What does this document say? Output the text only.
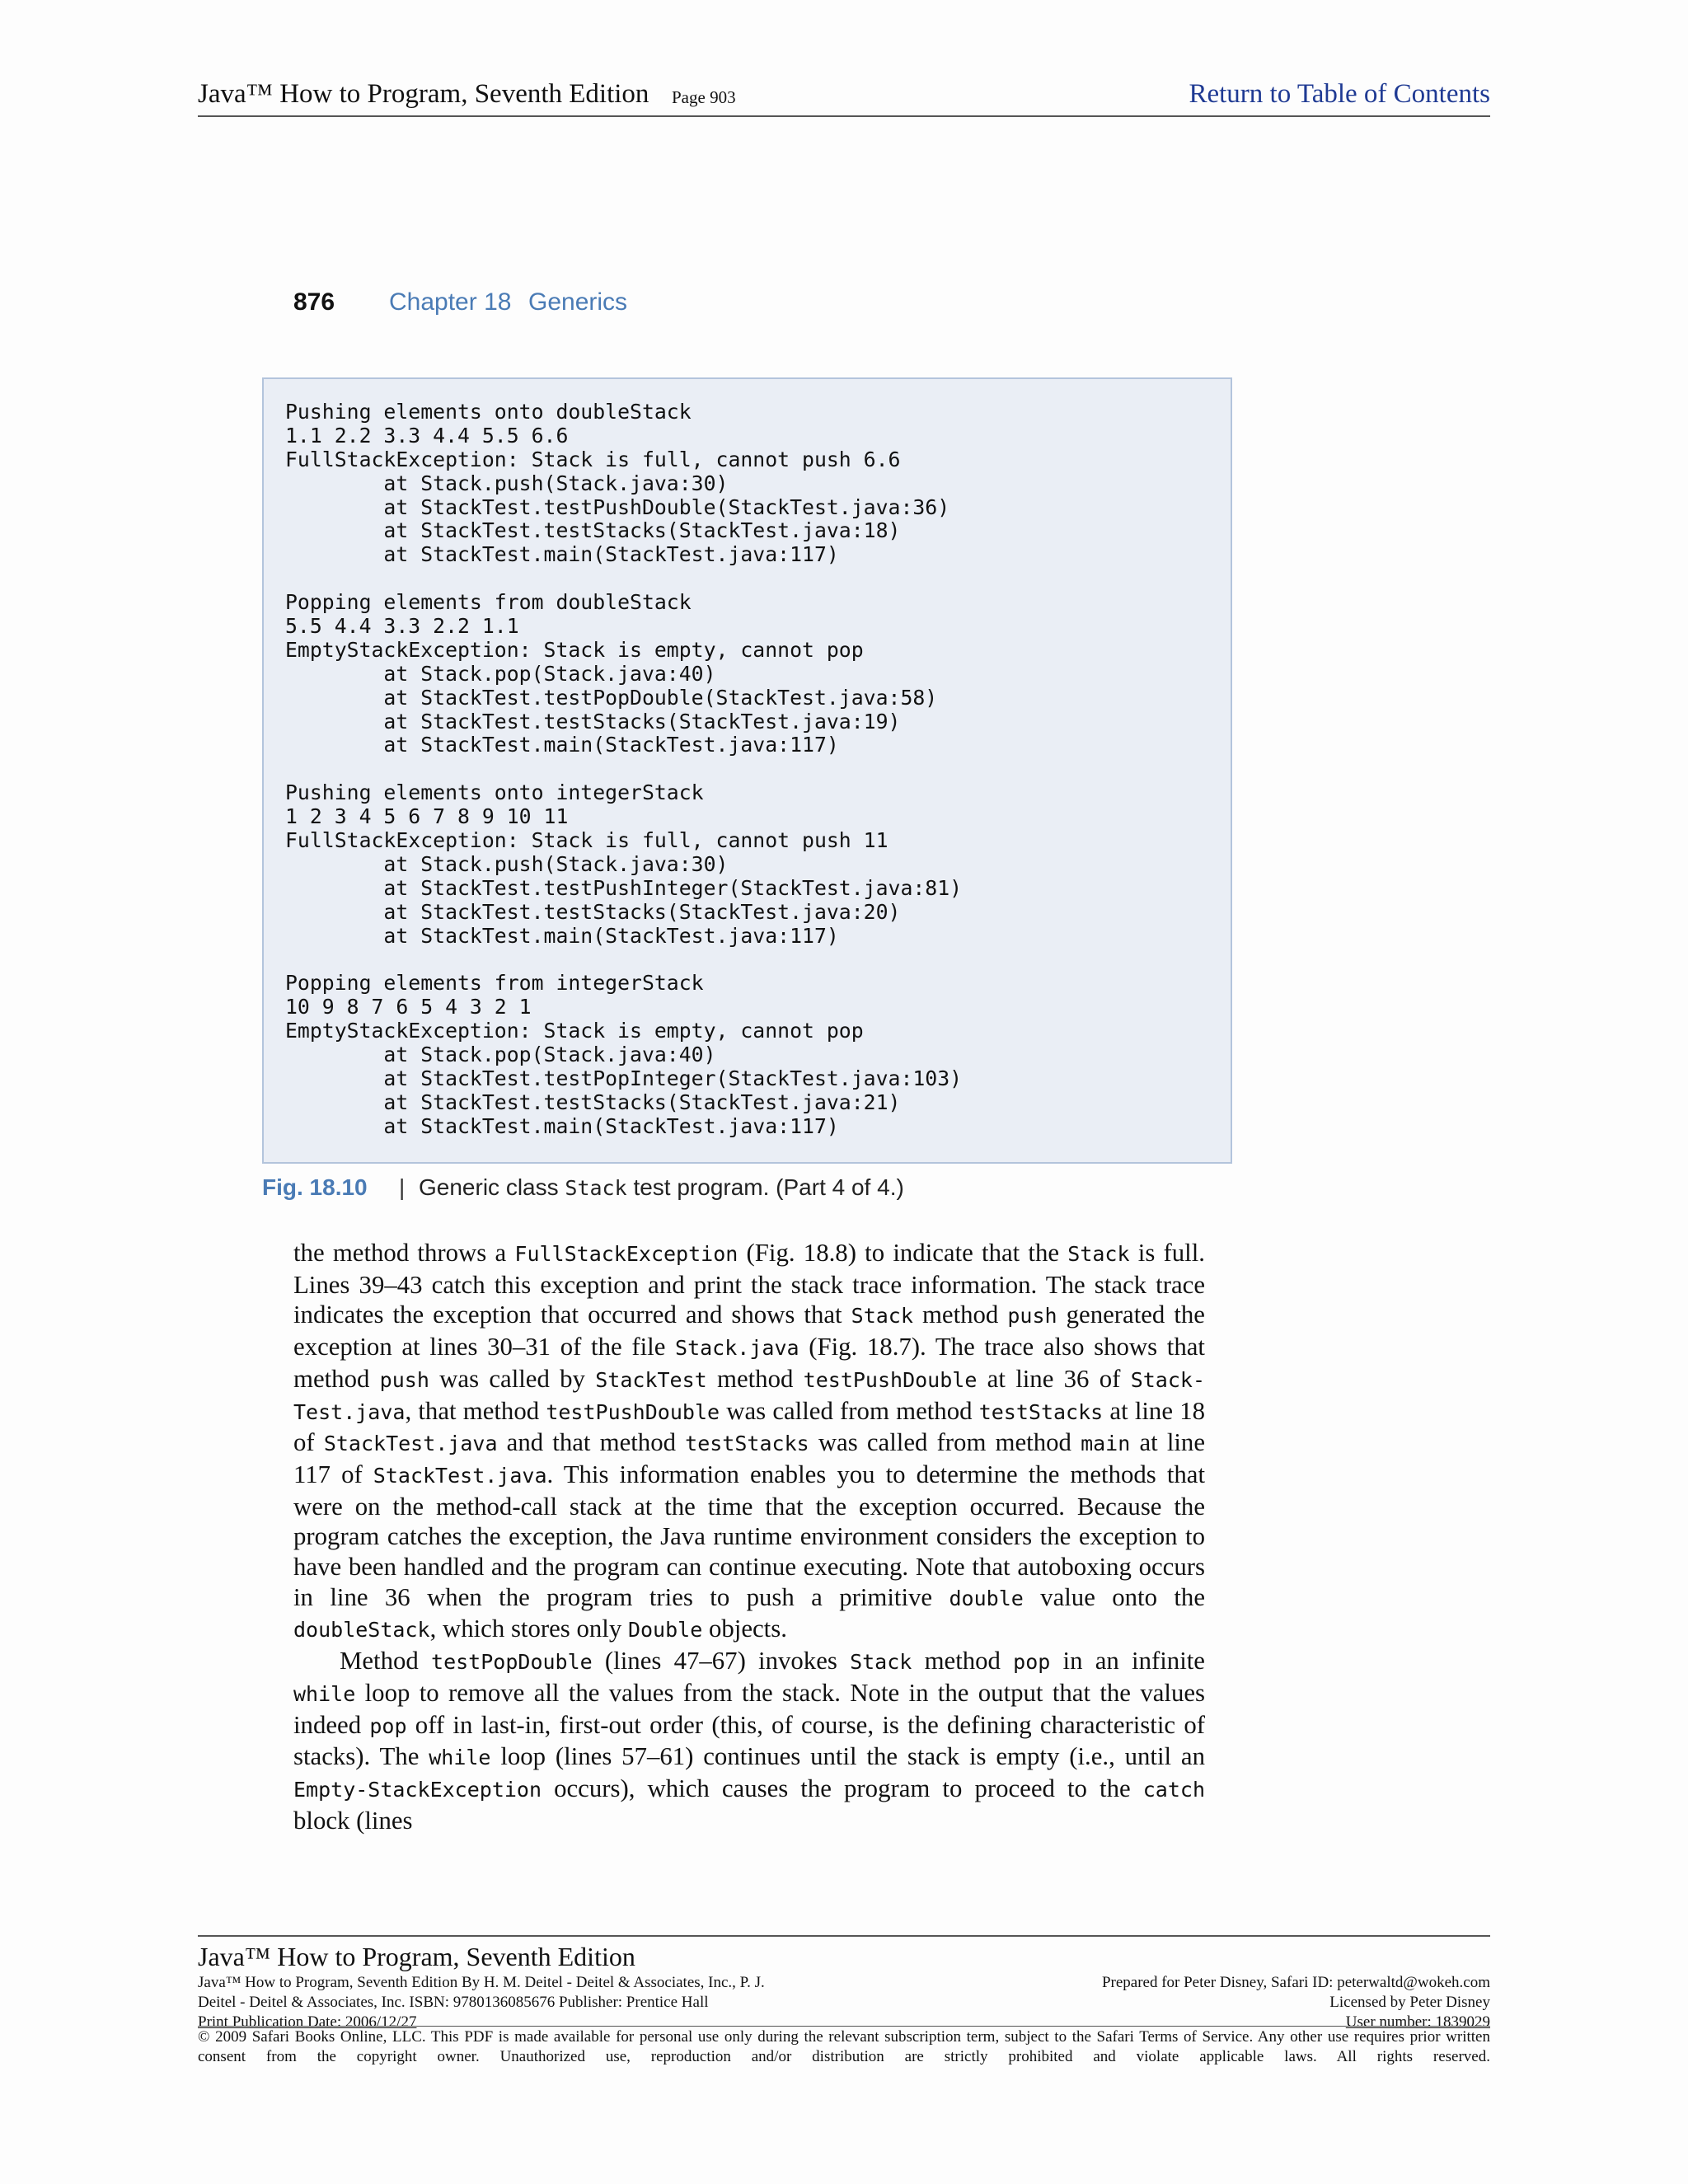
Java™ How to Program, Seventh Edition Page 903	Return to Table of Contents
876 Chapter 18 Generics
Pushing elements onto doubleStack
1.1 2.2 3.3 4.4 5.5 6.6
FullStackException: Stack is full, cannot push 6.6
at Stack.push(Stack.java:30)
at StackTest.testPushDouble(StackTest.java:36)
at StackTest.testStacks(StackTest.java:18)
at StackTest.main(StackTest.java:117)
Popping elements from doubleStack
5.5 4.4 3.3 2.2 1.1
EmptyStackException: Stack is empty, cannot pop
at Stack.pop(Stack.java:40)
at StackTest.testPopDouble(StackTest.java:58)
at StackTest.testStacks(StackTest.java:19)
at StackTest.main(StackTest.java:117)
Pushing elements onto integerStack
1 2 3 4 5 6 7 8 9 10 11
FullStackException: Stack is full, cannot push 11
at Stack.push(Stack.java:30)
at StackTest.testPushInteger(StackTest.java:81)
at StackTest.testStacks(StackTest.java:20)
at StackTest.main(StackTest.java:117)
Popping elements from integerStack
10 9 8 7 6 5 4 3 2 1
EmptyStackException: Stack is empty, cannot pop
at Stack.pop(Stack.java:40)
at StackTest.testPopInteger(StackTest.java:103)
at StackTest.testStacks(StackTest.java:21)
at StackTest.main(StackTest.java:117)
Fig. 18.10 | Generic class Stack test program. (Part 4 of 4.)

the method throws a FullStackException (Fig. 18.8) to indicate that the Stack is full. Lines 39–43 catch this exception and print the stack trace information. The stack trace indicates the exception that occurred and shows that Stack method push generated the exception at lines 30–31 of the file Stack.java (Fig. 18.7). The trace also shows that method push was called by StackTest method testPushDouble at line 36 of Stack-Test.java, that method testPushDouble was called from method testStacks at line 18 of StackTest.java and that method testStacks was called from method main at line 117 of StackTest.java. This information enables you to determine the methods that were on the method-call stack at the time that the exception occurred. Because the program catches the exception, the Java runtime environment considers the exception to have been handled and the program can continue executing. Note that autoboxing occurs in line 36 when the program tries to push a primitive double value onto the doubleStack, which stores only Double objects.

Method testPopDouble (lines 47–67) invokes Stack method pop in an infinite while loop to remove all the values from the stack. Note in the output that the values indeed pop off in last-in, first-out order (this, of course, is the defining characteristic of stacks). The while loop (lines 57–61) continues until the stack is empty (i.e., until an Empty-StackException occurs), which causes the program to proceed to the catch block (lines

Java™ How to Program, Seventh Edition
Java™ How to Program, Seventh Edition By H. M. Deitel - Deitel & Associates, Inc., P. J.
Deitel - Deitel & Associates, Inc. ISBN: 9780136085676 Publisher: Prentice Hall
Print Publication Date: 2006/12/27
Prepared for Peter Disney, Safari ID: peterwaltd@wokeh.com
Licensed by Peter Disney
User number: 1839029
© 2009 Safari Books Online, LLC. This PDF is made available for personal use only during the relevant subscription term, subject to the Safari Terms of Service. Any other use requires prior written consent from the copyright owner. Unauthorized use, reproduction and/or distribution are strictly prohibited and violate applicable laws. All rights reserved.
